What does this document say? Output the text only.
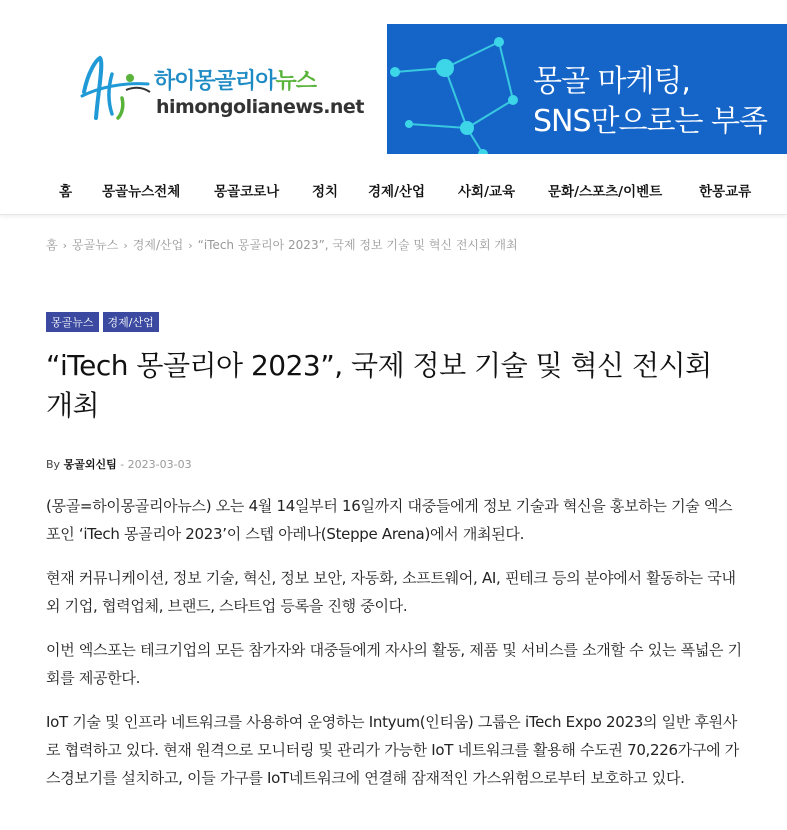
하이몽골리아뉴스
himongolianews.net
몽골 마케팅,
SNS만으로는 부족
홈 몽골뉴스전체	몽골코로나 정치 경제/산업 사회/교육 문화/스포츠/이벤트	한몽교류
홈 › 몽골뉴스 › 경제/산업 › “iTech 몽골리아 2023”, 국제 정보 기술 및 혁신 전시회 개최
몽골뉴스 경제/산업
“iTech 몽골리아 2023”, 국제 정보 기술 및 혁신 전시회 개최
By 몽골외신팀 - 2023-03-03

(몽골=하이몽골리아뉴스) 오는 4월 14일부터 16일까지 대중들에게 정보 기술과 혁신을 홍보하는 기술 엑스포인 ‘iTech 몽골리아 2023’이 스텝 아레나(Steppe Arena)에서 개최된다.

현재 커뮤니케이션, 정보 기술, 혁신, 정보 보안, 자동화, 소프트웨어, AI, 핀테크 등의 분야에서 활동하는 국내외 기업, 협력업체, 브랜드, 스타트업 등록을 진행 중이다.

이번 엑스포는 테크기업의 모든 참가자와 대중들에게 자사의 활동, 제품 및 서비스를 소개할 수 있는 폭넓은 기회를 제공한다.

IoT 기술 및 인프라 네트워크를 사용하여 운영하는 Intyum(인티움) 그룹은 iTech Expo 2023의 일반 후원사로 협력하고 있다. 현재 원격으로 모니터링 및 관리가 가능한 IoT 네트워크를 활용해 수도권 70,226가구에 가스경보기를 설치하고, 이들 가구를 IoT네트워크에 연결해 잠재적인 가스위험으로부터 보호하고 있다.
